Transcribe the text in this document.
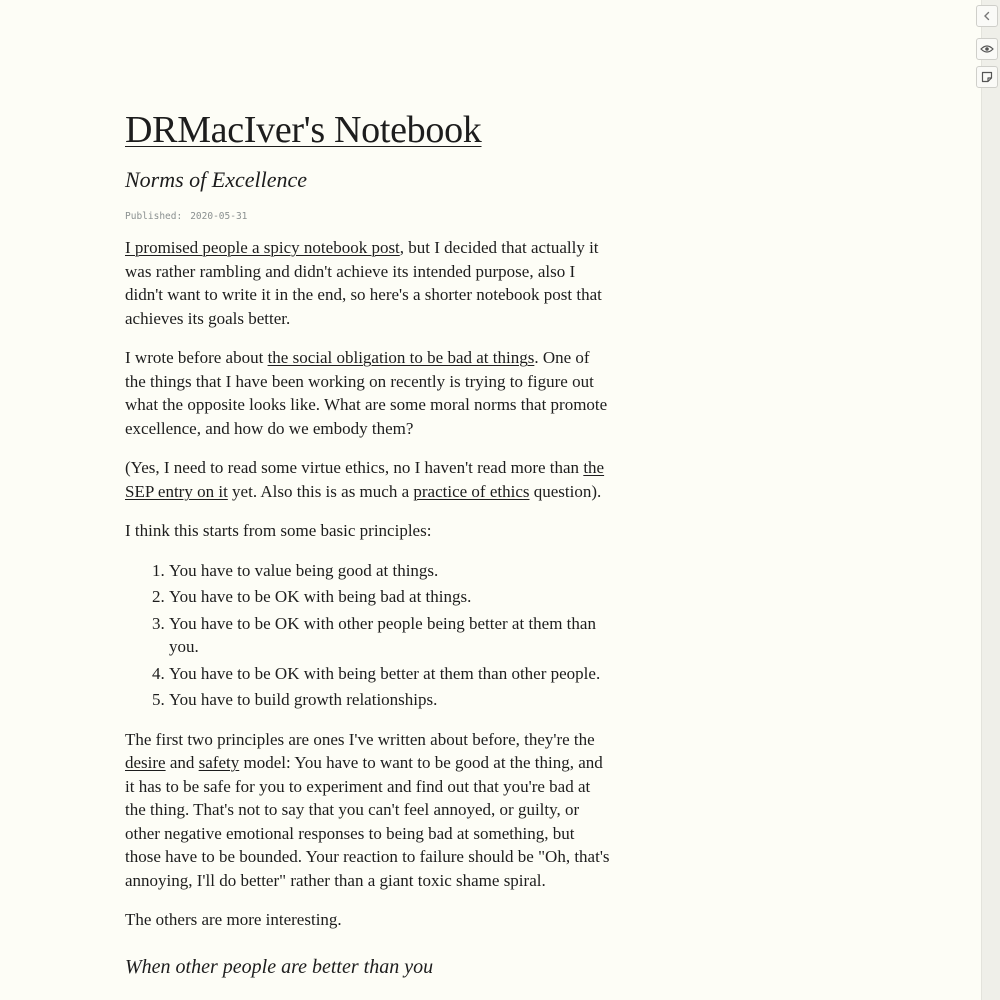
DRMacIver's Notebook
Norms of Excellence
Published: 2020-05-31

I promised people a spicy notebook post, but I decided that actually it was rather rambling and didn't achieve its intended purpose, also I didn't want to write it in the end, so here's a shorter notebook post that achieves its goals better.

I wrote before about the social obligation to be bad at things. One of the things that I have been working on recently is trying to figure out what the opposite looks like. What are some moral norms that promote excellence, and how do we embody them?

(Yes, I need to read some virtue ethics, no I haven't read more than the SEP entry on it yet. Also this is as much a practice of ethics question).

I think this starts from some basic principles:

1. You have to value being good at things.
2. You have to be OK with being bad at things.
3. You have to be OK with other people being better at them than you.
4. You have to be OK with being better at them than other people.
5. You have to build growth relationships.

The first two principles are ones I've written about before, they're the desire and safety model: You have to want to be good at the thing, and it has to be safe for you to experiment and find out that you're bad at the thing. That's not to say that you can't feel annoyed, or guilty, or other negative emotional responses to being bad at something, but those have to be bounded. Your reaction to failure should be "Oh, that's annoying, I'll do better" rather than a giant toxic shame spiral.

The others are more interesting.

When other people are better than you
